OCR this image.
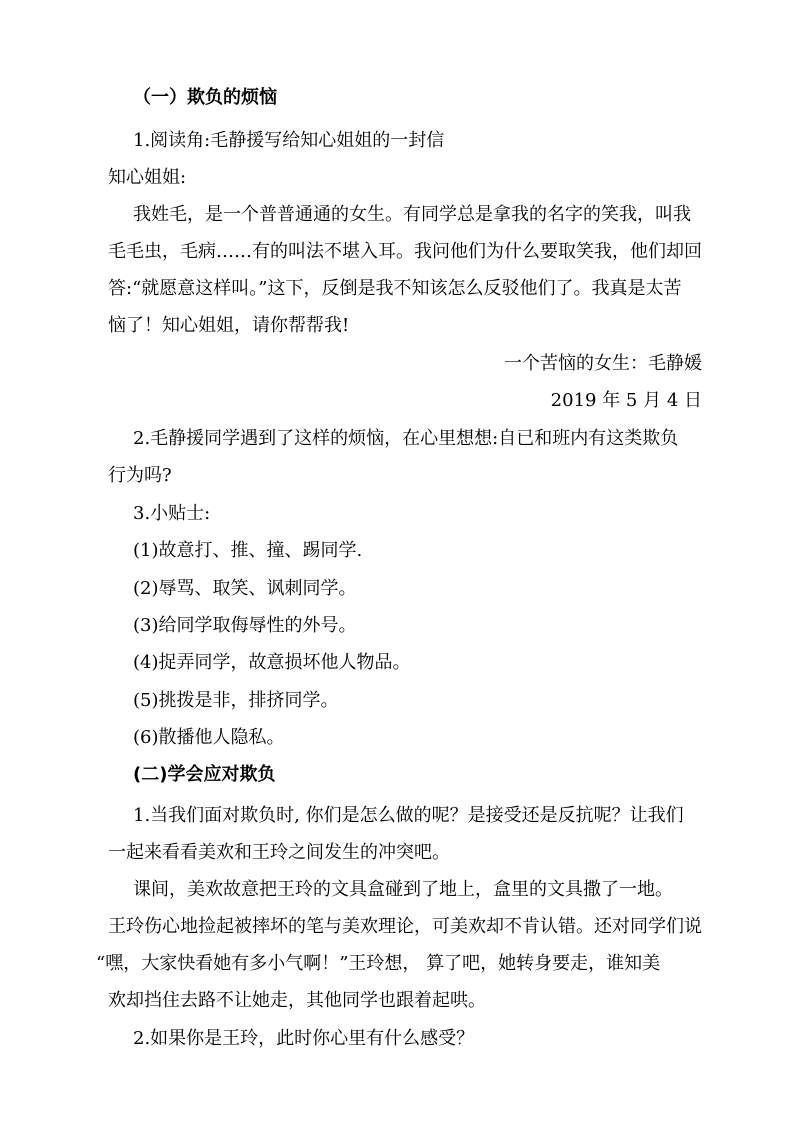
（一）欺负的烦恼
1.阅读角:毛静援写给知心姐姐的一封信
知心姐姐:
我姓毛，是一个普普通通的女生。有同学总是拿我的名字的笑我，叫我
毛毛虫，毛病……有的叫法不堪入耳。我问他们为什么要取笑我，他们却回
答:“就愿意这样叫。”这下，反倒是我不知该怎么反驳他们了。我真是太苦
恼了！知心姐姐，请你帮帮我!
一个苦恼的女生：毛静媛
2019 年 5 月 4 日
2.毛静援同学遇到了这样的烦恼，在心里想想:自已和班内有这类欺负
行为吗?
3.小贴士:
(1)故意打、推、撞、踢同学.
(2)辱骂、取笑、讽刺同学。
(3)给同学取侮辱性的外号。
(4)捉弄同学，故意损坏他人物品。
(5)挑拨是非，排挤同学。
(6)散播他人隐私。
(二)学会应对欺负
1.当我们面对欺负时, 你们是怎么做的呢？是接受还是反抗呢？让我们
一起来看看美欢和王玲之间发生的冲突吧。
课间，美欢故意把王玲的文具盒碰到了地上，盒里的文具撒了一地。
王玲伤心地捡起被摔坏的笔与美欢理论，可美欢却不肯认错。还对同学们说
“嘿，大家快看她有多小气啊！”王玲想， 算了吧，她转身要走，谁知美
欢却挡住去路不让她走，其他同学也跟着起哄。
2.如果你是王玲，此时你心里有什么感受？
